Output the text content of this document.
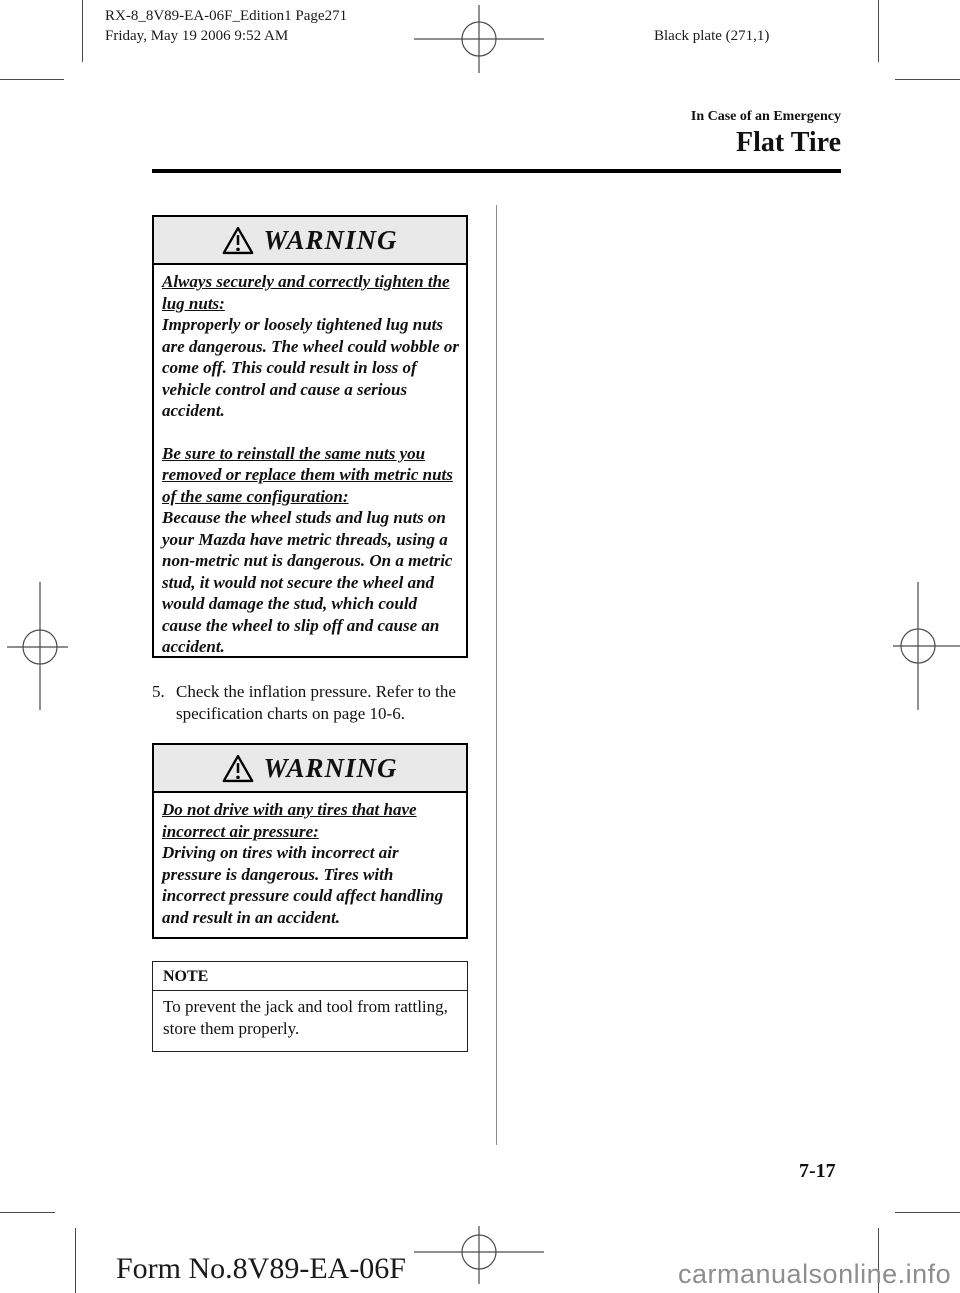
RX-8_8V89-EA-06F_Edition1 Page271
Friday, May 19 2006 9:52 AM	Black plate (271,1)
In Case of an Emergency
Flat Tire
WARNING
Always securely and correctly tighten the lug nuts:
Improperly or loosely tightened lug nuts are dangerous. The wheel could wobble or come off. This could result in loss of vehicle control and cause a serious accident.
Be sure to reinstall the same nuts you removed or replace them with metric nuts of the same configuration:
Because the wheel studs and lug nuts on your Mazda have metric threads, using a non-metric nut is dangerous. On a metric stud, it would not secure the wheel and would damage the stud, which could cause the wheel to slip off and cause an accident.
5. Check the inflation pressure. Refer to the specification charts on page 10-6.
WARNING
Do not drive with any tires that have incorrect air pressure:
Driving on tires with incorrect air pressure is dangerous. Tires with incorrect pressure could affect handling and result in an accident.
NOTE
To prevent the jack and tool from rattling, store them properly.
7-17
Form No.8V89-EA-06F	carmanualsonline.info
